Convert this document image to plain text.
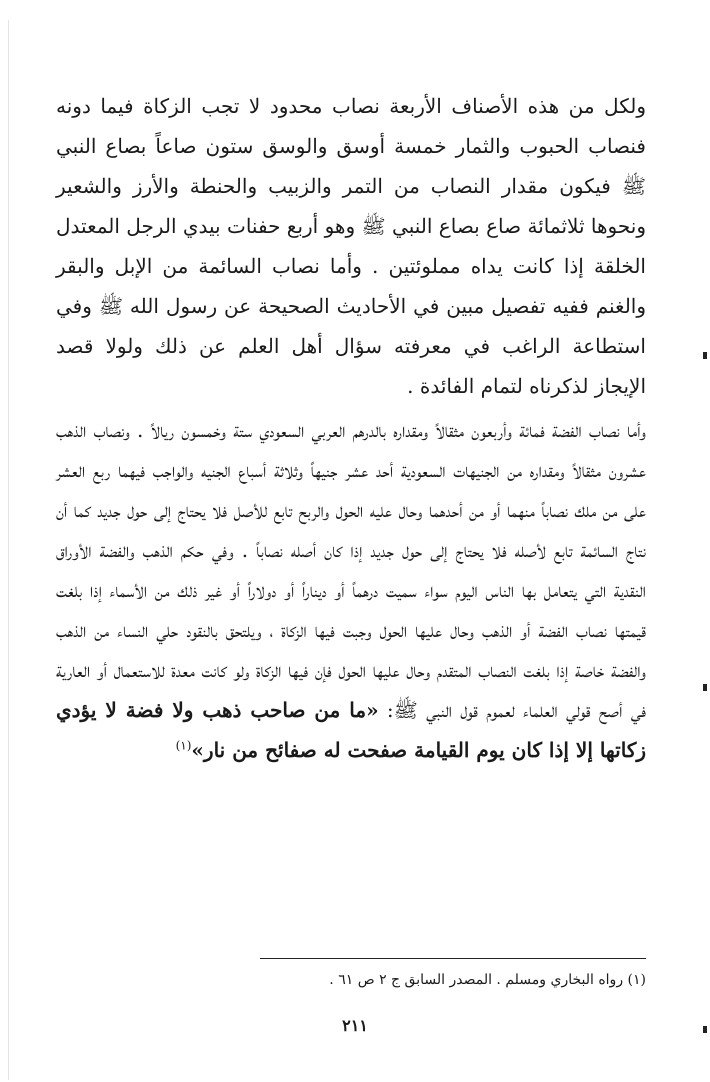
ولكل من هذه الأصناف الأربعة نصاب محدود لا تجب الزكاة فيما دونه فنصاب الحبوب والثمار خمسة أوسق والوسق ستون صاعاً بصاع النبي ﷺ فيكون مقدار النصاب من التمر والزبيب والحنطة والأرز والشعير ونحوها ثلاثمائة صاع بصاع النبي ﷺ وهو أربع حفنات بيدي الرجل المعتدل الخلقة إذا كانت يداه مملوئتين . وأما نصاب السائمة من الإبل والبقر والغنم ففيه تفصيل مبين في الأحاديث الصحيحة عن رسول الله ﷺ وفي استطاعة الراغب في معرفته سؤال أهل العلم عن ذلك ولولا قصد الإيجاز لذكرناه لتمام الفائدة .

وأما نصاب الفضة فمائة وأربعون مثقالاً ومقداره بالدرهم العربي السعودي ستة وخمسون ريالاً . ونصاب الذهب عشرون مثقالاً ومقداره من الجنيهات السعودية أحد عشر جنيهاً وثلاثة أسباع الجنيه والواجب فيهما ربع العشر على من ملك نصاباً منهما أو من أحدهما وحال عليه الحول والربح تابع للأصل فلا يحتاج إلى حول جديد كما أن نتاج السائمة تابع لأصله فلا يحتاج إلى حول جديد إذا كان أصله نصاباً . وفي حكم الذهب والفضة الأوراق النقدية التي يتعامل بها الناس اليوم سواء سميت درهماً أو ديناراً أو دولاراً أو غير ذلك من الأسماء إذا بلغت قيمتها نصاب الفضة أو الذهب وحال عليها الحول وجبت فيها الزكاة ، ويلتحق بالنقود حلي النساء من الذهب والفضة خاصة إذا بلغت النصاب المتقدم وحال عليها الحول فإن فيها الزكاة ولو كانت معدة للاستعمال أو العارية في أصح قولي العلماء لعموم قول النبي ﷺ: «ما من صاحب ذهب ولا فضة لا يؤدي زكاتها إلا إذا كان يوم القيامة صفحت له صفائح من نار»$^{(١)}$

(١) رواه البخاري ومسلم . المصدر السابق ج ٢ ص ٦١ .
٢١١
